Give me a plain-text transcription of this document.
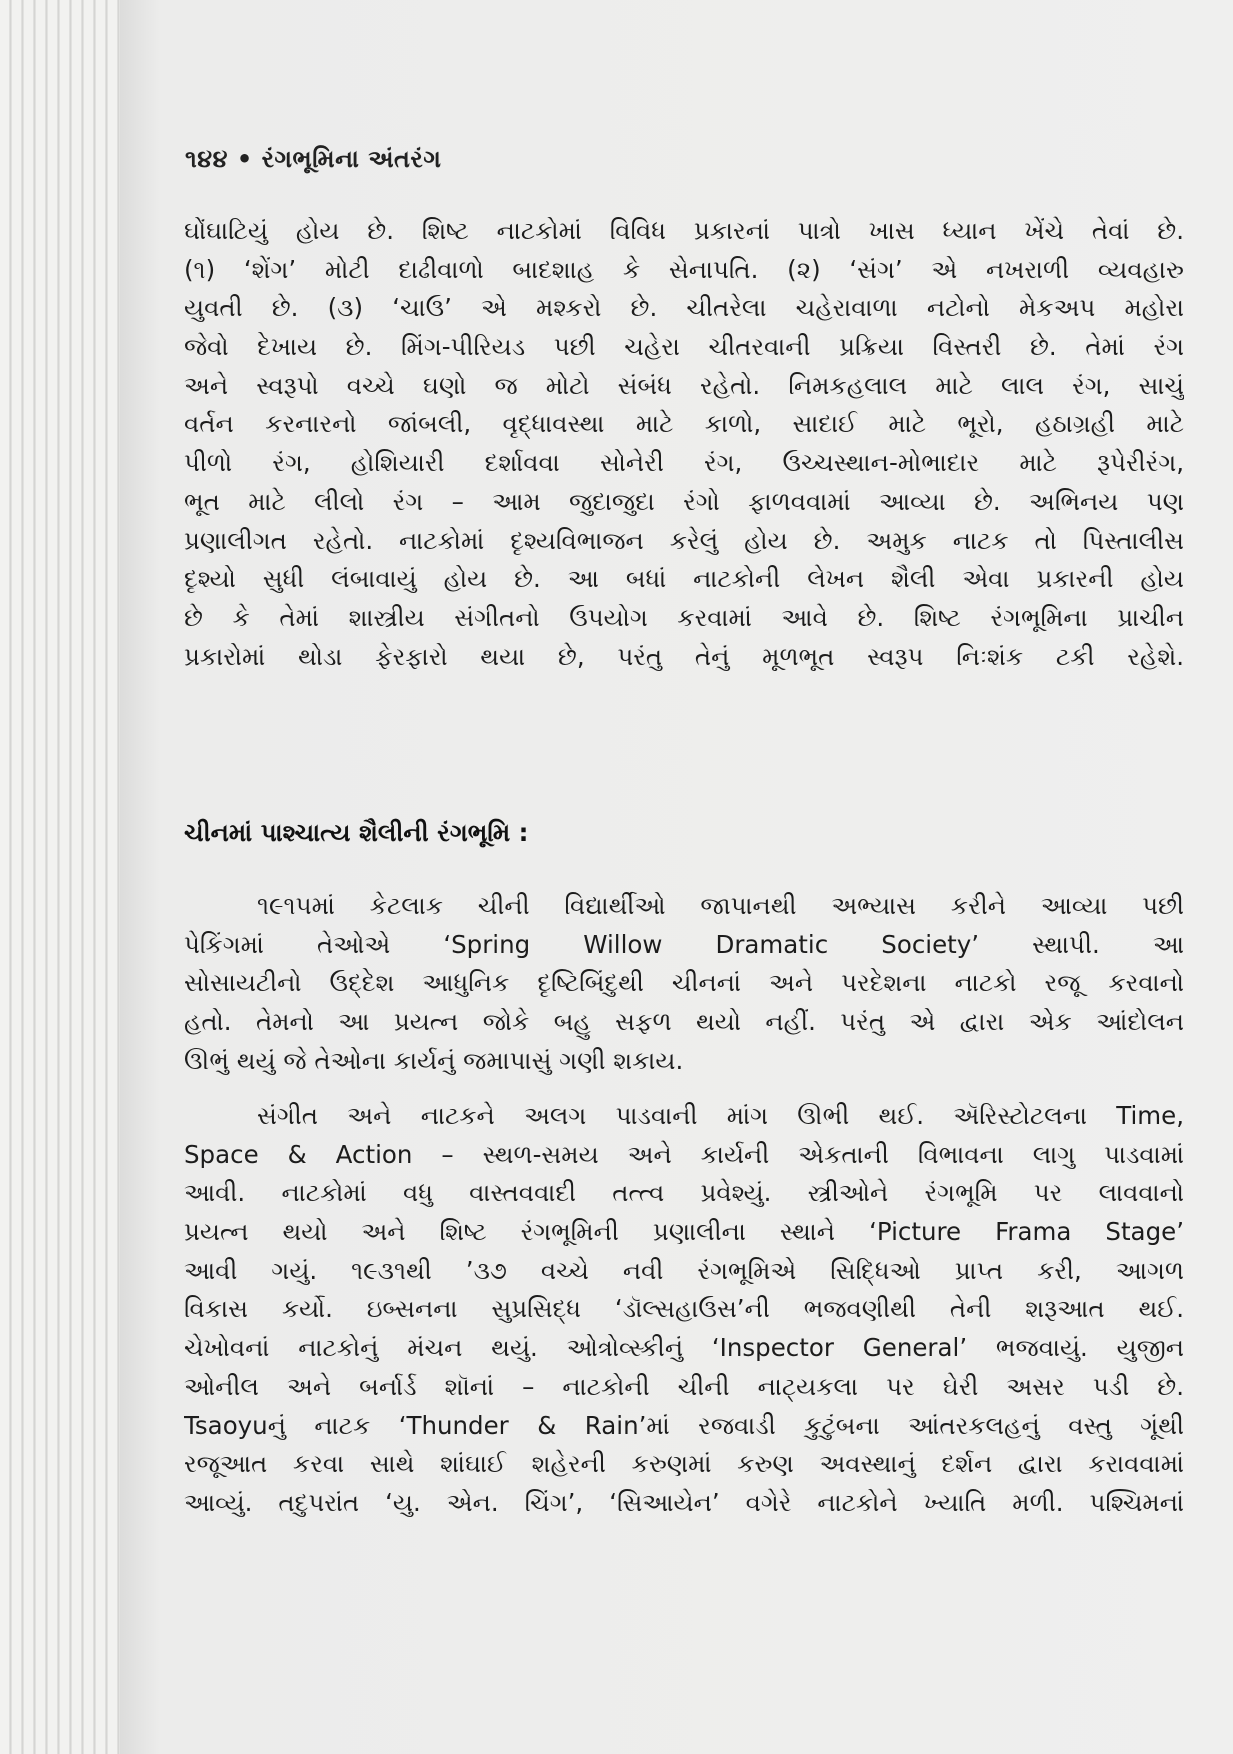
૧૪૪ • રંગભૂમિના અંતરંગ
ઘોંઘાટિયું હોય છે. શિષ્ટ નાટકોમાં વિવિધ પ્રકારનાં પાત્રો ખાસ ધ્યાન ખેંચે તેવાં છે.
(૧) ‘શેંગ’ મોટી દાઢીવાળો બાદશાહ કે સેનાપતિ. (૨) ‘સંગ’ એ નખરાળી વ્યવહારુ
યુવતી છે. (૩) ‘ચાઉ’ એ મશ્કરો છે. ચીતરેલા ચહેરાવાળા નટોનો મેકઅપ મહોરા
જેવો દેખાય છે. મિંગ-પીરિયડ પછી ચહેરા ચીતરવાની પ્રક્રિયા વિસ્તરી છે. તેમાં રંગ
અને સ્વરૂપો વચ્ચે ઘણો જ મોટો સંબંધ રહેતો. નિમકહલાલ માટે લાલ રંગ, સાચું
વર્તન કરનારનો જાંબલી, વૃદ્ધાવસ્થા માટે કાળો, સાદાઈ માટે ભૂરો, હઠાગ્રહી માટે
પીળો રંગ, હોશિયારી દર્શાવવા સોનેરી રંગ, ઉચ્ચસ્થાન-મોભાદાર માટે રૂપેરીરંગ,
ભૂત માટે લીલો રંગ – આમ જુદાજુદા રંગો ફાળવવામાં આવ્યા છે. અભિનય પણ
પ્રણાલીગત રહેતો. નાટકોમાં દૃશ્યવિભાજન કરેલું હોય છે. અમુક નાટક તો પિસ્તાલીસ
દૃશ્યો સુધી લંબાવાયું હોય છે. આ બધાં નાટકોની લેખન શૈલી એવા પ્રકારની હોય
છે કે તેમાં શાસ્ત્રીય સંગીતનો ઉપયોગ કરવામાં આવે છે. શિષ્ટ રંગભૂમિના પ્રાચીન
પ્રકારોમાં થોડા ફેરફારો થયા છે, પરંતુ તેનું મૂળભૂત સ્વરૂપ નિઃશંક ટકી રહેશે.
ચીનમાં પાશ્ચાત્ય શૈલીની રંગભૂમિ :
૧૯૧૫માં કેટલાક ચીની વિદ્યાર્થીઓ જાપાનથી અભ્યાસ કરીને આવ્યા પછી
પેકિંગમાં તેઓએ ‘Spring Willow Dramatic Society’ સ્થાપી. આ
સોસાયટીનો ઉદ્દેશ આધુનિક દૃષ્ટિબિંદુથી ચીનનાં અને પરદેશના નાટકો રજૂ કરવાનો
હતો. તેમનો આ પ્રયત્ન જોકે બહુ સફળ થયો નહીં. પરંતુ એ દ્વારા એક આંદોલન
ઊભું થયું જે તેઓના કાર્યનું જમાપાસું ગણી શકાય.
સંગીત અને નાટકને અલગ પાડવાની માંગ ઊભી થઈ. ઍરિસ્ટોટલના Time,
Space & Action – સ્થળ-સમય અને કાર્યની એકતાની વિભાવના લાગુ પાડવામાં
આવી. નાટકોમાં વધુ વાસ્તવવાદી તત્ત્વ પ્રવેશ્યું. સ્ત્રીઓને રંગભૂમિ પર લાવવાનો
પ્રયત્ન થયો અને શિષ્ટ રંગભૂમિની પ્રણાલીના સ્થાને ‘Picture Frama Stage’
આવી ગયું. ૧૯૩૧થી ’૩૭ વચ્ચે નવી રંગભૂમિએ સિદ્ધિઓ પ્રાપ્ત કરી, આગળ
વિકાસ કર્યો. ઇબ્સનના સુપ્રસિદ્ધ ‘ડૉલ્સહાઉસ’ની ભજવણીથી તેની શરૂઆત થઈ.
ચેખોવનાં નાટકોનું મંચન થયું. ઓત્રોવ્સ્કીનું ‘Inspector General’ ભજવાયું. યુજીન
ઓનીલ અને બર્નાર્ડ શૉનાં – નાટકોની ચીની નાટ્યકલા પર ઘેરી અસર પડી છે.
Tsaoyuનું નાટક ‘Thunder & Rain’માં રજવાડી કુટુંબના આંતરકલહનું વસ્તુ ગૂંથી
રજૂઆત કરવા સાથે શાંઘાઈ શહેરની કરુણમાં કરુણ અવસ્થાનું દર્શન દ્વારા કરાવવામાં
આવ્યું. તદુપરાંત ‘યુ. એન. ચિંગ’, ‘સિઆયેન’ વગેરે નાટકોને ખ્યાતિ મળી. પશ્ચિમનાં
